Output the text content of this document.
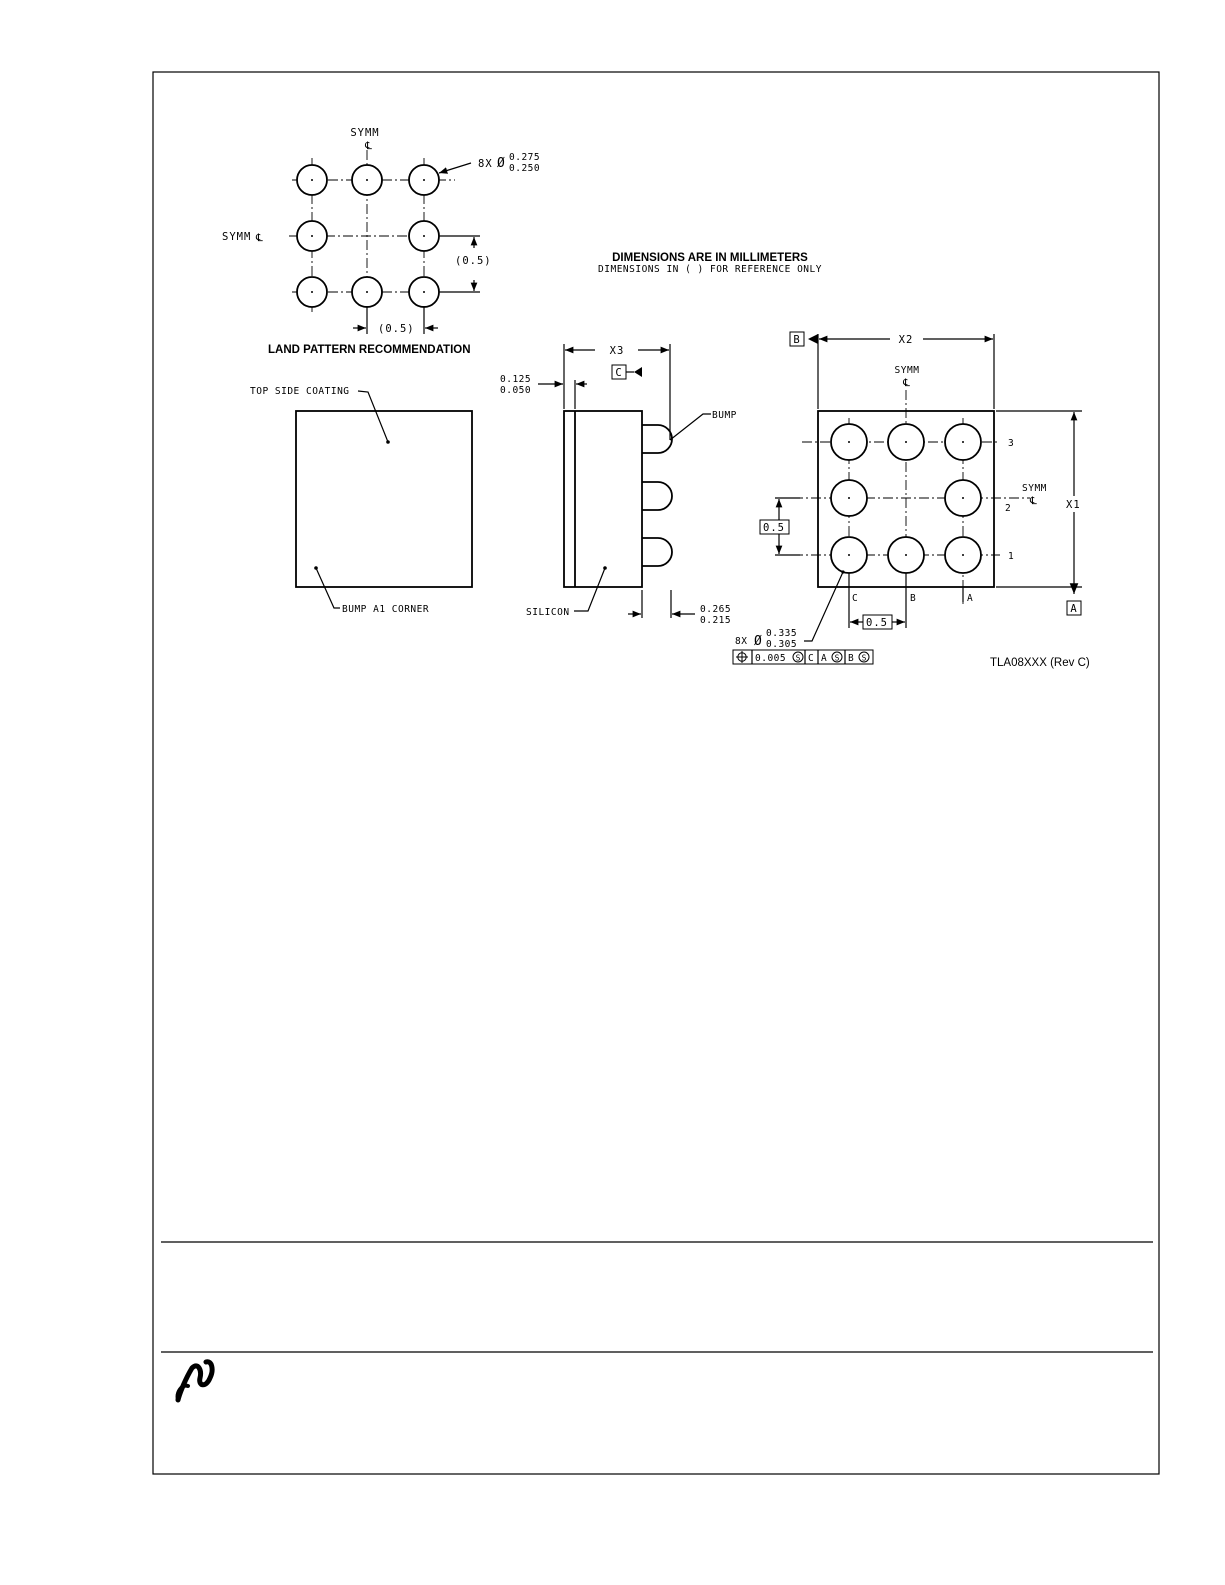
SYMM
℄
SYMM ℄
8X Ø 0.275
0.250
(0.5)
(0.5)
LAND PATTERN RECOMMENDATION
DIMENSIONS ARE IN MILLIMETERS
DIMENSIONS IN ( ) FOR REFERENCE ONLY
TOP SIDE COATING
BUMP A1 CORNER
X3
C
0.125
0.050
BUMP
SILICON	0.265
0.215
X2
B
SYMM
℄
SYMM
℄
3
2
1
C	B	A
X1
A
0.5
0.5
8X Ø
0.335
0.305
0.005 S C A S B S	TLA08XXX (Rev C)
